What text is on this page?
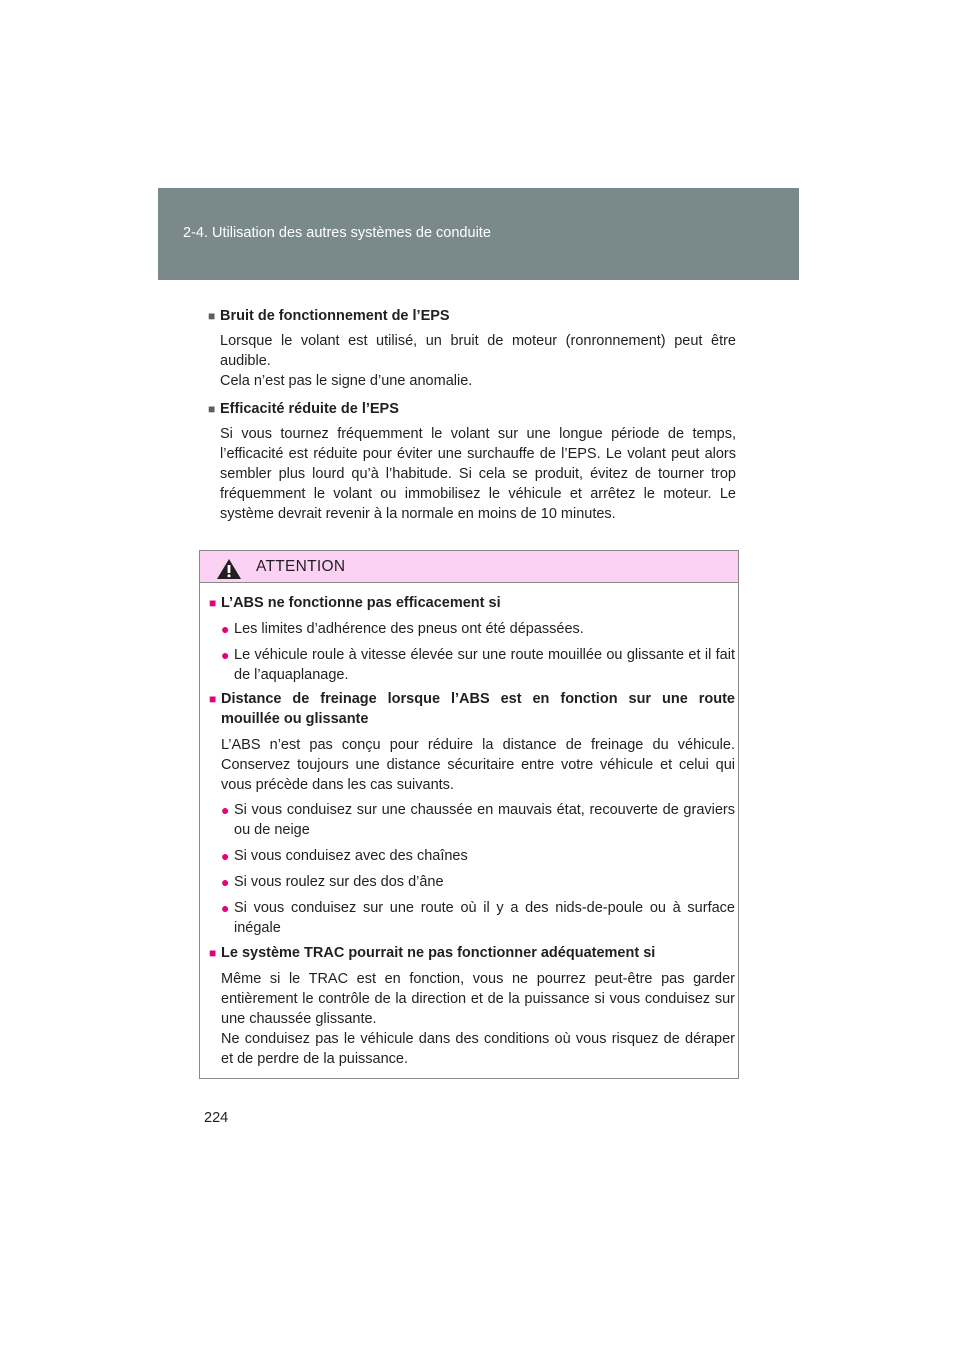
2-4. Utilisation des autres systèmes de conduite
■ Bruit de fonctionnement de l’EPS

Lorsque le volant est utilisé, un bruit de moteur (ronronnement) peut être audible.

Cela n’est pas le signe d’une anomalie.

■ Efficacité réduite de l’EPS

Si vous tournez fréquemment le volant sur une longue période de temps, l’efficacité est réduite pour éviter une surchauffe de l’EPS. Le volant peut alors sembler plus lourd qu’à l’habitude. Si cela se produit, évitez de tourner trop fréquemment le volant ou immobilisez le véhicule et arrêtez le moteur. Le système devrait revenir à la normale en moins de 10 minutes.

ATTENTION
■ L’ABS ne fonctionne pas efficacement si
● Les limites d’adhérence des pneus ont été dépassées.
● Le véhicule roule à vitesse élevée sur une route mouillée ou glissante et il fait de l’aquaplanage.
■ Distance de freinage lorsque l’ABS est en fonction sur une route
mouillée ou glissante

L’ABS n’est pas conçu pour réduire la distance de freinage du véhicule. Conservez toujours une distance sécuritaire entre votre véhicule et celui qui vous précède dans les cas suivants.

● Si vous conduisez sur une chaussée en mauvais état, recouverte de graviers ou de neige
● Si vous conduisez avec des chaînes
● Si vous roulez sur des dos d’âne
● Si vous conduisez sur une route où il y a des nids-de-poule ou à surface inégale
■ Le système TRAC pourrait ne pas fonctionner adéquatement si

Même si le TRAC est en fonction, vous ne pourrez peut-être pas garder entièrement le contrôle de la direction et de la puissance si vous conduisez sur une chaussée glissante.

Ne conduisez pas le véhicule dans des conditions où vous risquez de déraper et de perdre de la puissance.

224
